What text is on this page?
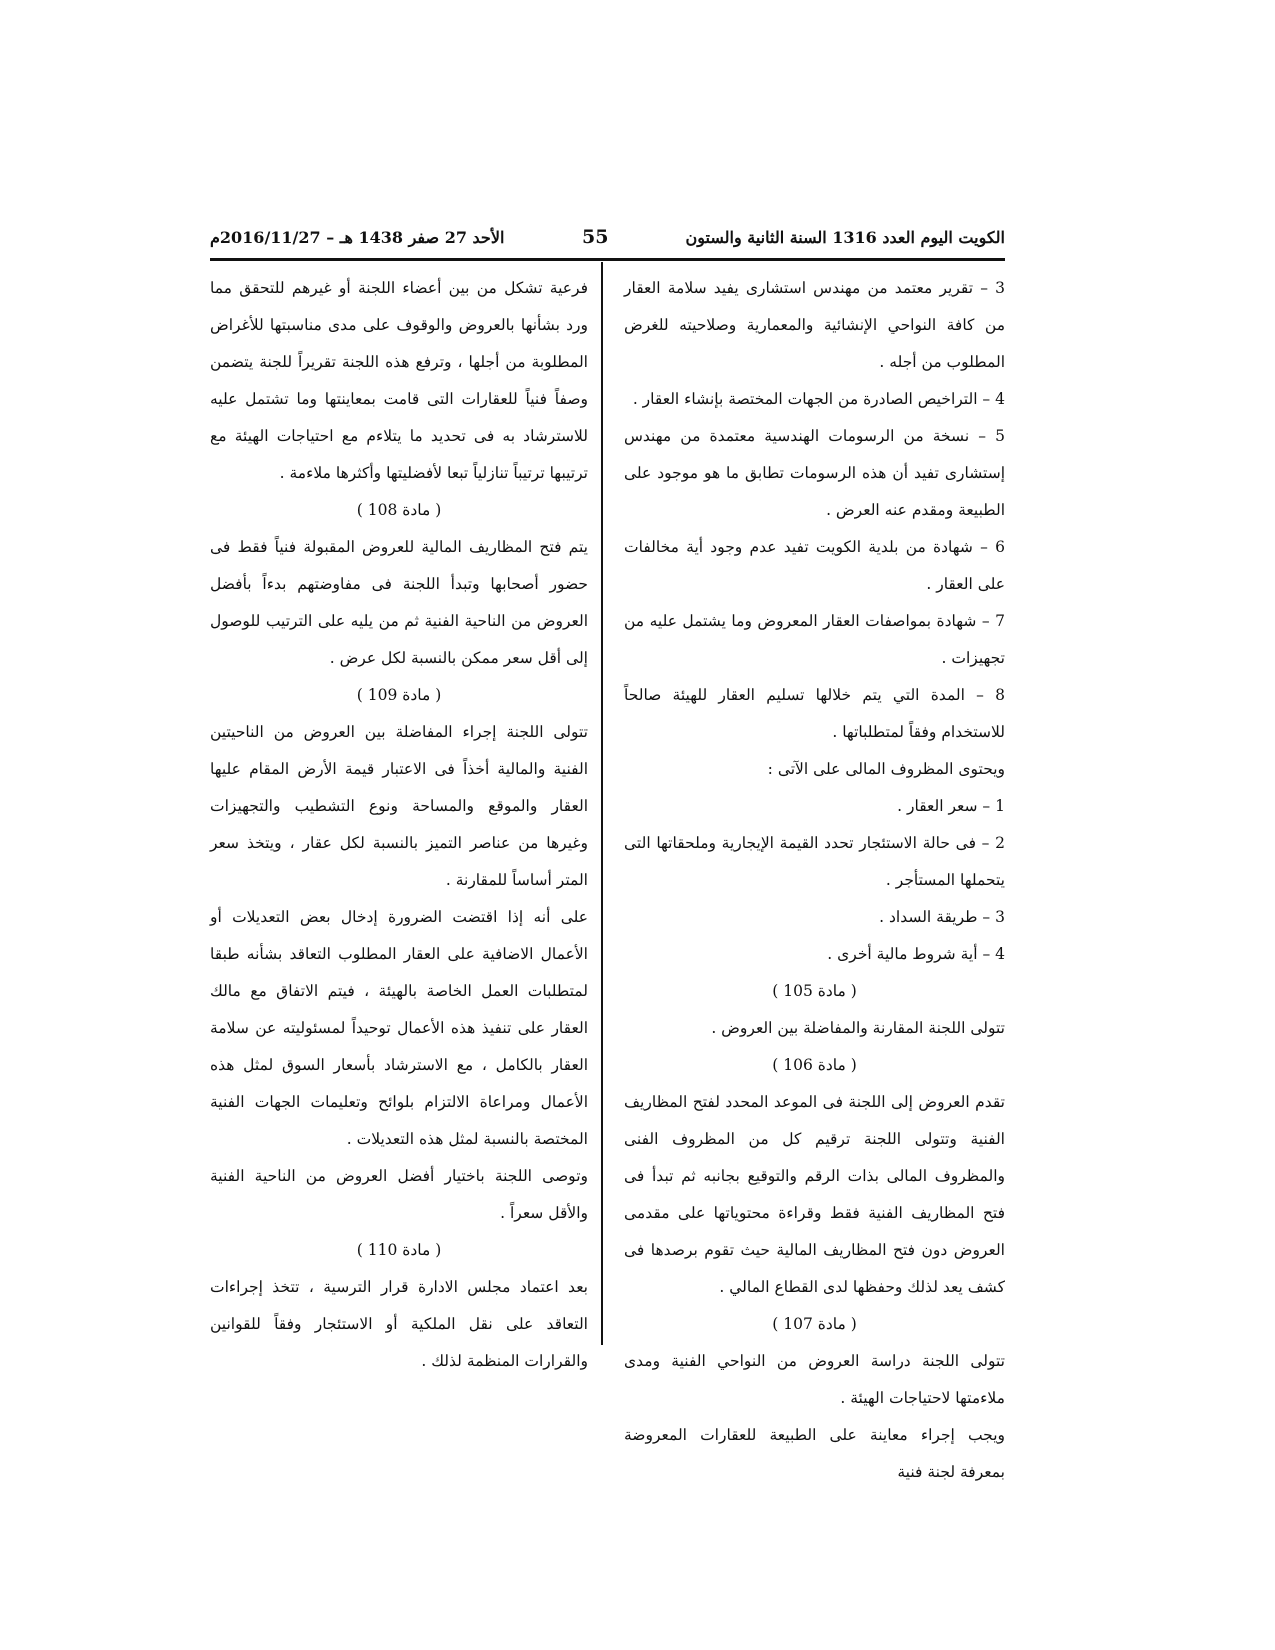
الكويت اليوم العدد 1316 السنة الثانية والستون
55
الأحد 27 صفر 1438 هـ – 2016/11/27م

3 – تقرير معتمد من مهندس استشارى يفيد سلامة العقار من كافة النواحي الإنشائية والمعمارية وصلاحيته للغرض المطلوب من أجله .

4 – التراخيص الصادرة من الجهات المختصة بإنشاء العقار .

5 – نسخة من الرسومات الهندسية معتمدة من مهندس إستشارى تفيد أن هذه الرسومات تطابق ما هو موجود على الطبيعة ومقدم عنه العرض .

6 – شهادة من بلدية الكويت تفيد عدم وجود أية مخالفات على العقار .

7 – شهادة بمواصفات العقار المعروض وما يشتمل عليه من تجهيزات .

8 – المدة التي يتم خلالها تسليم العقار للهيئة صالحاً للاستخدام وفقاً لمتطلباتها .

ويحتوى المظروف المالى على الآتى :

1 – سعر العقار .

2 – فى حالة الاستئجار تحدد القيمة الإيجارية وملحقاتها التى يتحملها المستأجر .

3 – طريقة السداد .

4 – أية شروط مالية أخرى .

( مادة 105 )

تتولى اللجنة المقارنة والمفاضلة بين العروض .

( مادة 106 )

تقدم العروض إلى اللجنة فى الموعد المحدد لفتح المظاريف الفنية وتتولى اللجنة ترقيم كل من المظروف الفنى والمظروف المالى بذات الرقم والتوقيع بجانبه ثم تبدأ فى فتح المظاريف الفنية فقط وقراءة محتوياتها على مقدمى العروض دون فتح المظاريف المالية حيث تقوم برصدها فى كشف يعد لذلك وحفظها لدى القطاع المالي .

( مادة 107 )

تتولى اللجنة دراسة العروض من النواحي الفنية ومدى ملاءمتها لاحتياجات الهيئة .

ويجب إجراء معاينة على الطبيعة للعقارات المعروضة بمعرفة لجنة فنية

فرعية تشكل من بين أعضاء اللجنة أو غيرهم للتحقق مما ورد بشأنها بالعروض والوقوف على مدى مناسبتها للأغراض المطلوبة من أجلها ، وترفع هذه اللجنة تقريراً للجنة يتضمن وصفاً فنياً للعقارات التى قامت بمعاينتها وما تشتمل عليه للاسترشاد به فى تحديد ما يتلاءم مع احتياجات الهيئة مع ترتيبها ترتيباً تنازلياً تبعا لأفضليتها وأكثرها ملاءمة .

( مادة 108 )

يتم فتح المظاريف المالية للعروض المقبولة فنياً فقط فى حضور أصحابها وتبدأ اللجنة فى مفاوضتهم بدءاً بأفضل العروض من الناحية الفنية ثم من يليه على الترتيب للوصول إلى أقل سعر ممكن بالنسبة لكل عرض .

( مادة 109 )

تتولى اللجنة إجراء المفاضلة بين العروض من الناحيتين الفنية والمالية أخذاً فى الاعتبار قيمة الأرض المقام عليها العقار والموقع والمساحة ونوع التشطيب والتجهيزات وغيرها من عناصر التميز بالنسبة لكل عقار ، ويتخذ سعر المتر أساساً للمقارنة .

على أنه إذا اقتضت الضرورة إدخال بعض التعديلات أو الأعمال الاضافية على العقار المطلوب التعاقد بشأنه طبقا لمتطلبات العمل الخاصة بالهيئة ، فيتم الاتفاق مع مالك العقار على تنفيذ هذه الأعمال توحيداً لمسئوليته عن سلامة العقار بالكامل ، مع الاسترشاد بأسعار السوق لمثل هذه الأعمال ومراعاة الالتزام بلوائح وتعليمات الجهات الفنية المختصة بالنسبة لمثل هذه التعديلات .

وتوصى اللجنة باختيار أفضل العروض من الناحية الفنية والأقل سعراً .

( مادة 110 )

بعد اعتماد مجلس الادارة قرار الترسية ، تتخذ إجراءات التعاقد على نقل الملكية أو الاستئجار وفقاً للقوانين والقرارات المنظمة لذلك .
